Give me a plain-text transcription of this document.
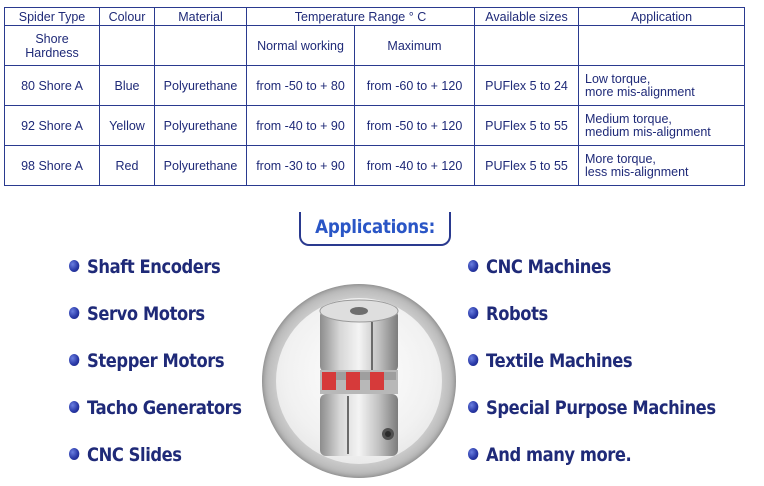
Spider Type	Colour	Material	Temperature Range ° C		Available sizes	Application
Shore Hardness			Normal working	Maximum		
80 Shore A	Blue	Polyurethane	from -50 to + 80	from -60 to + 120	PUFlex 5 to 24	Low torque,
more mis-alignment

92 Shore A	Yellow	Polyurethane	from -40 to + 90	from -50 to + 120	PUFlex 5 to 55	Medium torque,
medium mis-alignment

98 Shore A	Red	Polyurethane	from -30 to + 90	from -40 to + 120	PUFlex 5 to 55	More torque,
less mis-alignment
Applications:
Shaft Encoders
Servo Motors
Stepper Motors
Tacho Generators
CNC Slides
CNC Machines
Robots
Textile Machines
Special Purpose Machines
And many more.
